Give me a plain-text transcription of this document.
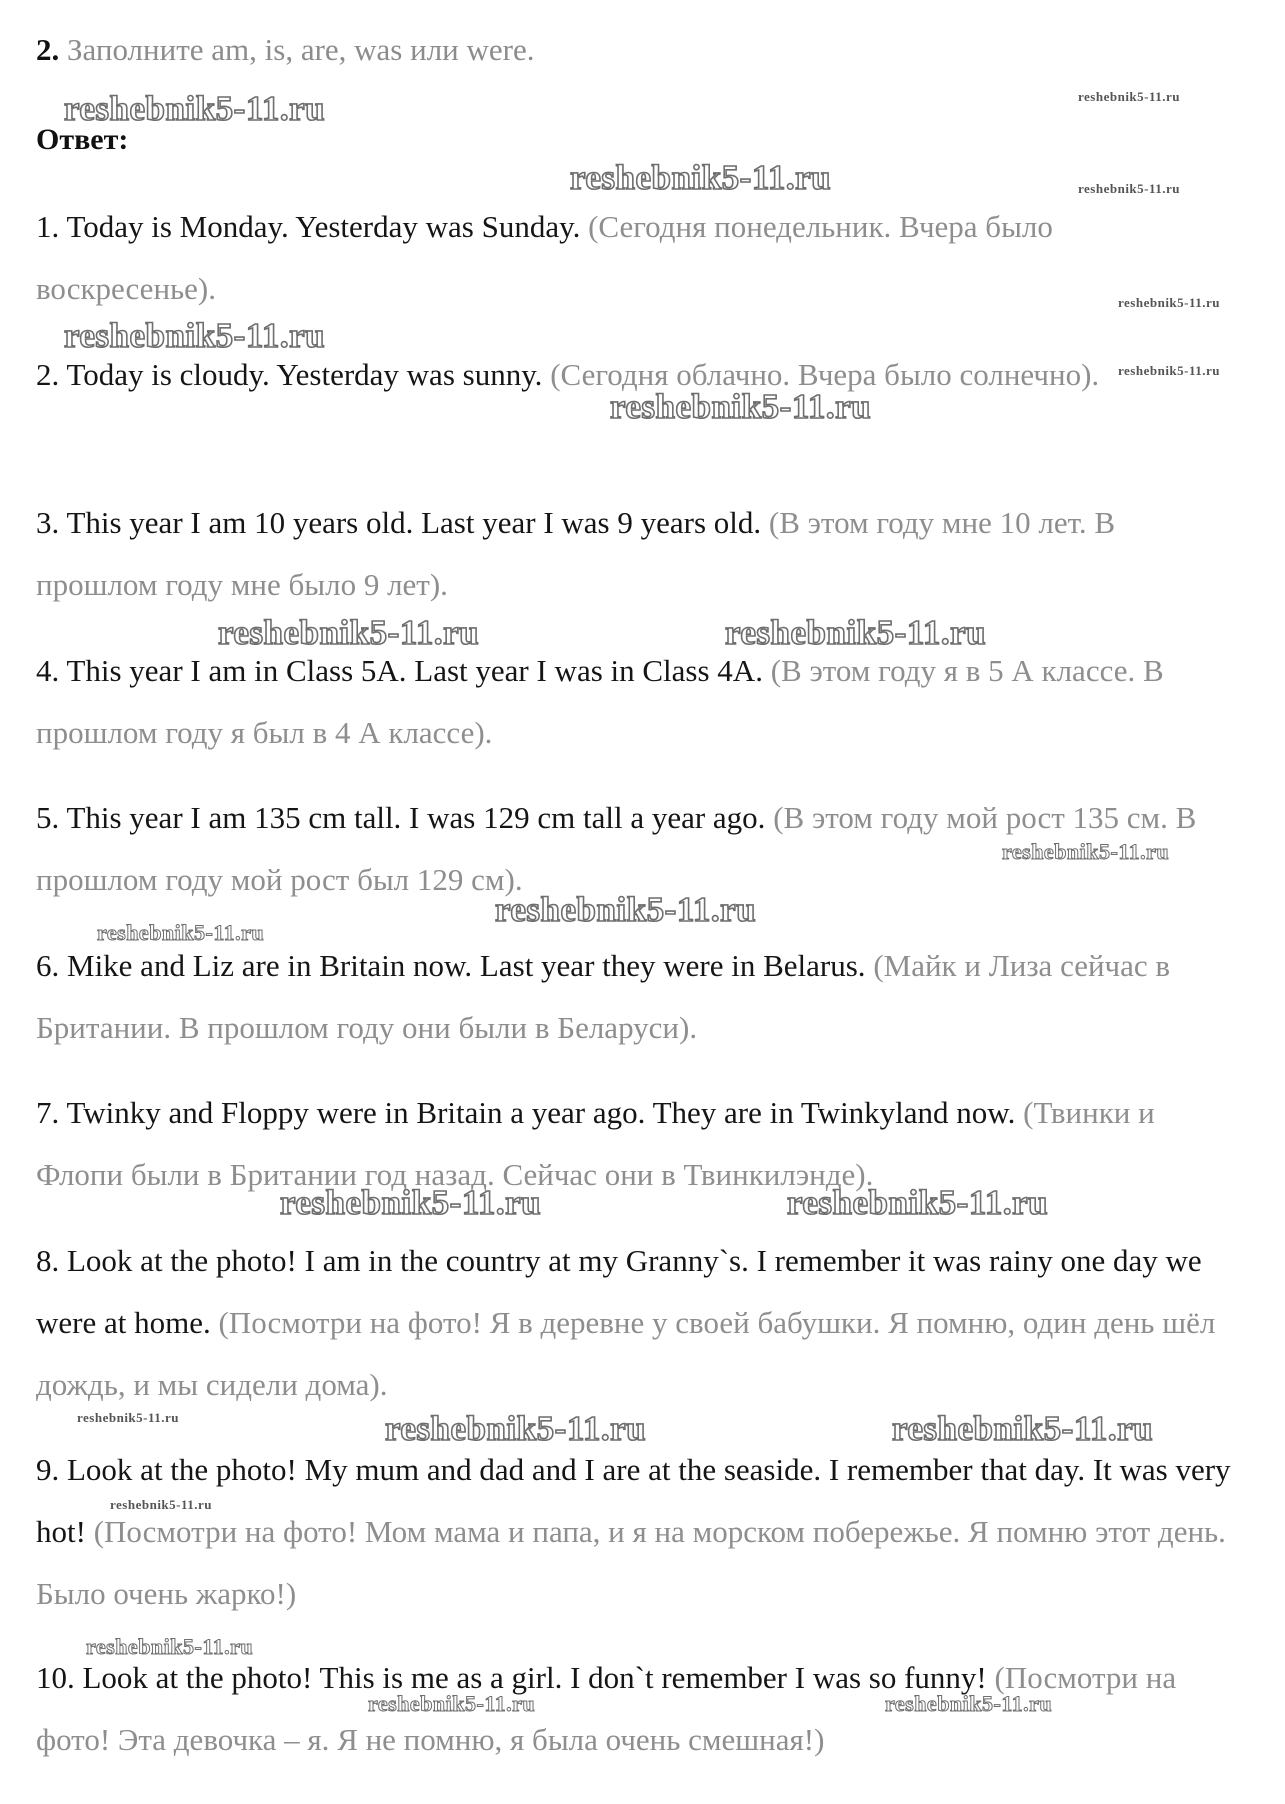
2. Заполните am, is, are, was или were.
Ответ:
1. Today is Monday. Yesterday was Sunday. (Сегодня понедельник. Вчера было воскресенье).
2. Today is cloudy. Yesterday was sunny. (Сегодня облачно. Вчера было солнечно).
3. This year I am 10 years old. Last year I was 9 years old. (В этом году мне 10 лет. В прошлом году мне было 9 лет).
4. This year I am in Class 5A. Last year I was in Class 4A. (В этом году я в 5 А классе. В прошлом году я был в 4 А классе).
5. This year I am 135 cm tall. I was 129 cm tall a year ago. (В этом году мой рост 135 см. В прошлом году мой рост был 129 см).
6. Mike and Liz are in Britain now. Last year they were in Belarus. (Майк и Лиза сейчас в Британии. В прошлом году они были в Беларуси).
7. Twinky and Floppy were in Britain a year ago. They are in Twinkyland now. (Твинки и Флопи были в Британии год назад. Сейчас они в Твинкилэнде).
8. Look at the photo! I am in the country at my Granny`s. I remember it was rainy one day we were at home. (Посмотри на фото! Я в деревне у своей бабушки. Я помню, один день шёл дождь, и мы сидели дома).
9. Look at the photo! My mum and dad and I are at the seaside. I remember that day. It was very hot! (Посмотри на фото! Мом мама и папа, и я на морском побережье. Я помню этот день. Было очень жарко!)
10. Look at the photo! This is me as a girl. I don`t remember I was so funny! (Посмотри на фото! Эта девочка – я. Я не помню, я была очень смешная!)
reshebnik5-11.ru	reshebnik5-11.ru
reshebnik5-11.ru	reshebnik5-11.ru
reshebnik5-11.ru
reshebnik5-11.ru
reshebnik5-11.ru
reshebnik5-11.ru
reshebnik5-11.ru	reshebnik5-11.ru
reshebnik5-11.ru
reshebnik5-11.ru
reshebnik5-11.ru
reshebnik5-11.ru	reshebnik5-11.ru
reshebnik5-11.ru	reshebnik5-11.ru	reshebnik5-11.ru
reshebnik5-11.ru
reshebnik5-11.ru
reshebnik5-11.ru	reshebnik5-11.ru
